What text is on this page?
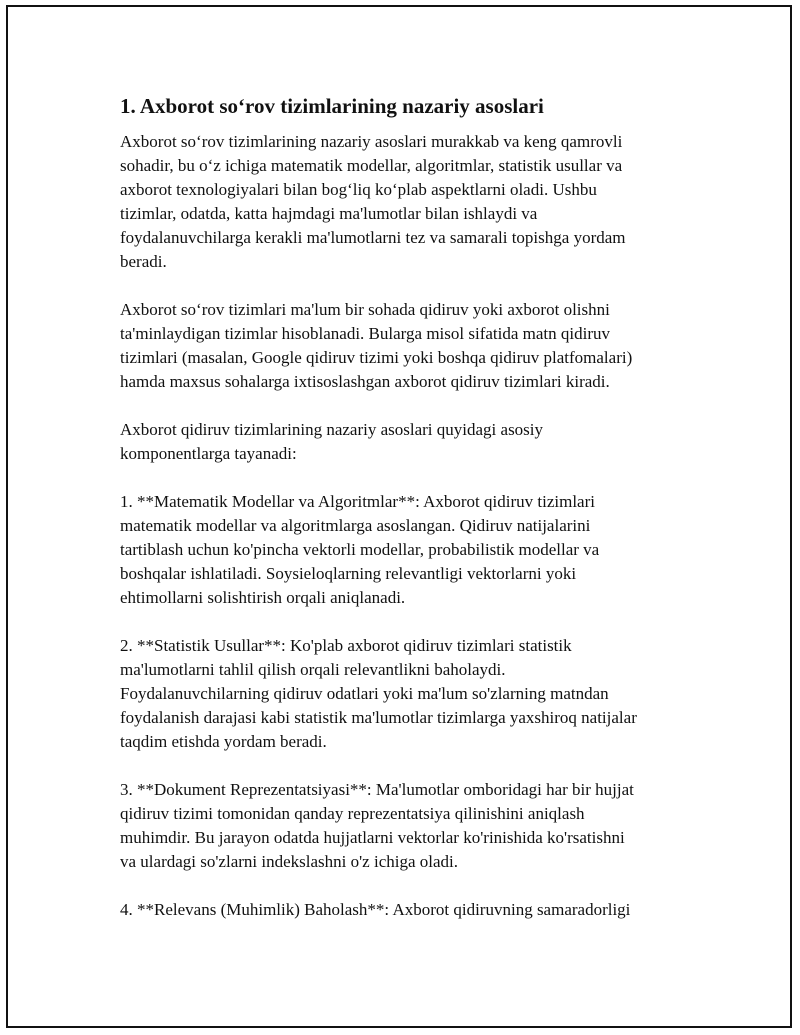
1. Axborot so‘rov tizimlarining nazariy asoslari

Axborot so‘rov tizimlarining nazariy asoslari murakkab va keng qamrovli
sohadir, bu o‘z ichiga matematik modellar, algoritmlar, statistik usullar va
axborot texnologiyalari bilan bog‘liq ko‘plab aspektlarni oladi. Ushbu
tizimlar, odatda, katta hajmdagi ma'lumotlar bilan ishlaydi va
foydalanuvchilarga kerakli ma'lumotlarni tez va samarali topishga yordam
beradi.

Axborot so‘rov tizimlari ma'lum bir sohada qidiruv yoki axborot olishni
ta'minlaydigan tizimlar hisoblanadi. Bularga misol sifatida matn qidiruv
tizimlari (masalan, Google qidiruv tizimi yoki boshqa qidiruv platfomalari)
hamda maxsus sohalarga ixtisoslashgan axborot qidiruv tizimlari kiradi.

Axborot qidiruv tizimlarining nazariy asoslari quyidagi asosiy
komponentlarga tayanadi:

1. **Matematik Modellar va Algoritmlar**: Axborot qidiruv tizimlari
matematik modellar va algoritmlarga asoslangan. Qidiruv natijalarini
tartiblash uchun ko'pincha vektorli modellar, probabilistik modellar va
boshqalar ishlatiladi. Soysieloqlarning relevantligi vektorlarni yoki
ehtimollarni solishtirish orqali aniqlanadi.

2. **Statistik Usullar**: Ko'plab axborot qidiruv tizimlari statistik
ma'lumotlarni tahlil qilish orqali relevantlikni baholaydi.
Foydalanuvchilarning qidiruv odatlari yoki ma'lum so'zlarning matndan
foydalanish darajasi kabi statistik ma'lumotlar tizimlarga yaxshiroq natijalar
taqdim etishda yordam beradi.

3. **Dokument Reprezentatsiyasi**: Ma'lumotlar omboridagi har bir hujjat
qidiruv tizimi tomonidan qanday reprezentatsiya qilinishini aniqlash
muhimdir. Bu jarayon odatda hujjatlarni vektorlar ko'rinishida ko'rsatishni
va ulardagi so'zlarni indekslashni o'z ichiga oladi.

4. **Relevans (Muhimlik) Baholash**: Axborot qidiruvning samaradorligi
